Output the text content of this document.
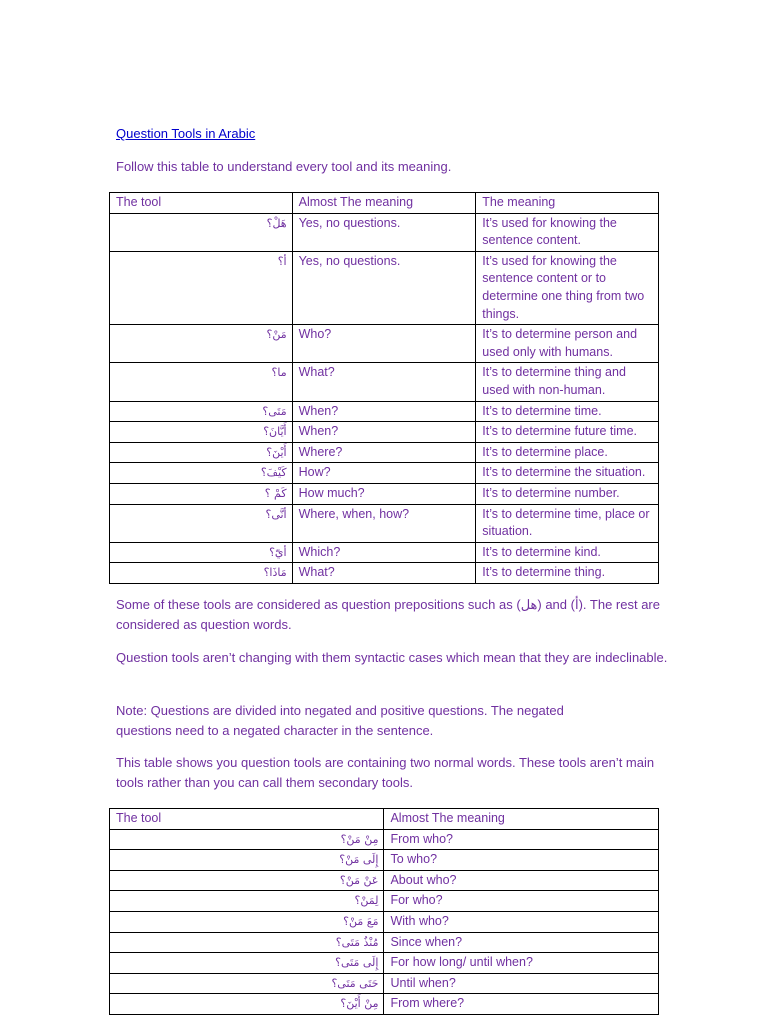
Question Tools in Arabic
Follow this table to understand every tool and its meaning.
The tool	Almost The meaning	The meaning
هَلْ؟	Yes, no questions.	It’s used for knowing the sentence content.
أ؟	Yes, no questions.	It’s used for knowing the sentence content or to determine one thing from two things.
مَنْ؟	Who?	It’s to determine person and used only with humans.
ما؟	What?	It’s to determine thing and used with non-human.
مَتَى؟	When?	It’s to determine time.
أَيَّانَ؟	When?	It’s to determine future time.
أَيْنَ؟	Where?	It’s to determine place.
كَيْفَ؟	How?	It’s to determine the situation.
كَمْ ؟	How much?	It’s to determine number.
أنَّى؟	Where, when, how?	It’s to determine time, place or situation.
أيّ؟	Which?	It’s to determine kind.
مَاذَا؟	What?	It’s to determine thing.
Some of these tools are considered as question prepositions such as (هل) and (أ). The rest are considered as question words.
Question tools aren’t changing with them syntactic cases which mean that they are indeclinable.
Note: Questions are divided into negated and positive questions. The negated questions need to a negated character in the sentence.
This table shows you question tools are containing two normal words. These tools aren’t main tools rather than you can call them secondary tools.
The tool	Almost The meaning
مِنْ مَنْ؟	From who?
إِلَى مَنْ؟	To who?
عَنْ مَنْ؟	About who?
لِمَنْ؟	For who?
مَعَ مَنْ؟	With who?
مُنْذُ مَتَى؟	Since when?
إِلَى مَتَى؟	For how long/ until when?
حَتَى مَتَى؟	Until when?
مِنْ أَيْنَ؟	From where?
